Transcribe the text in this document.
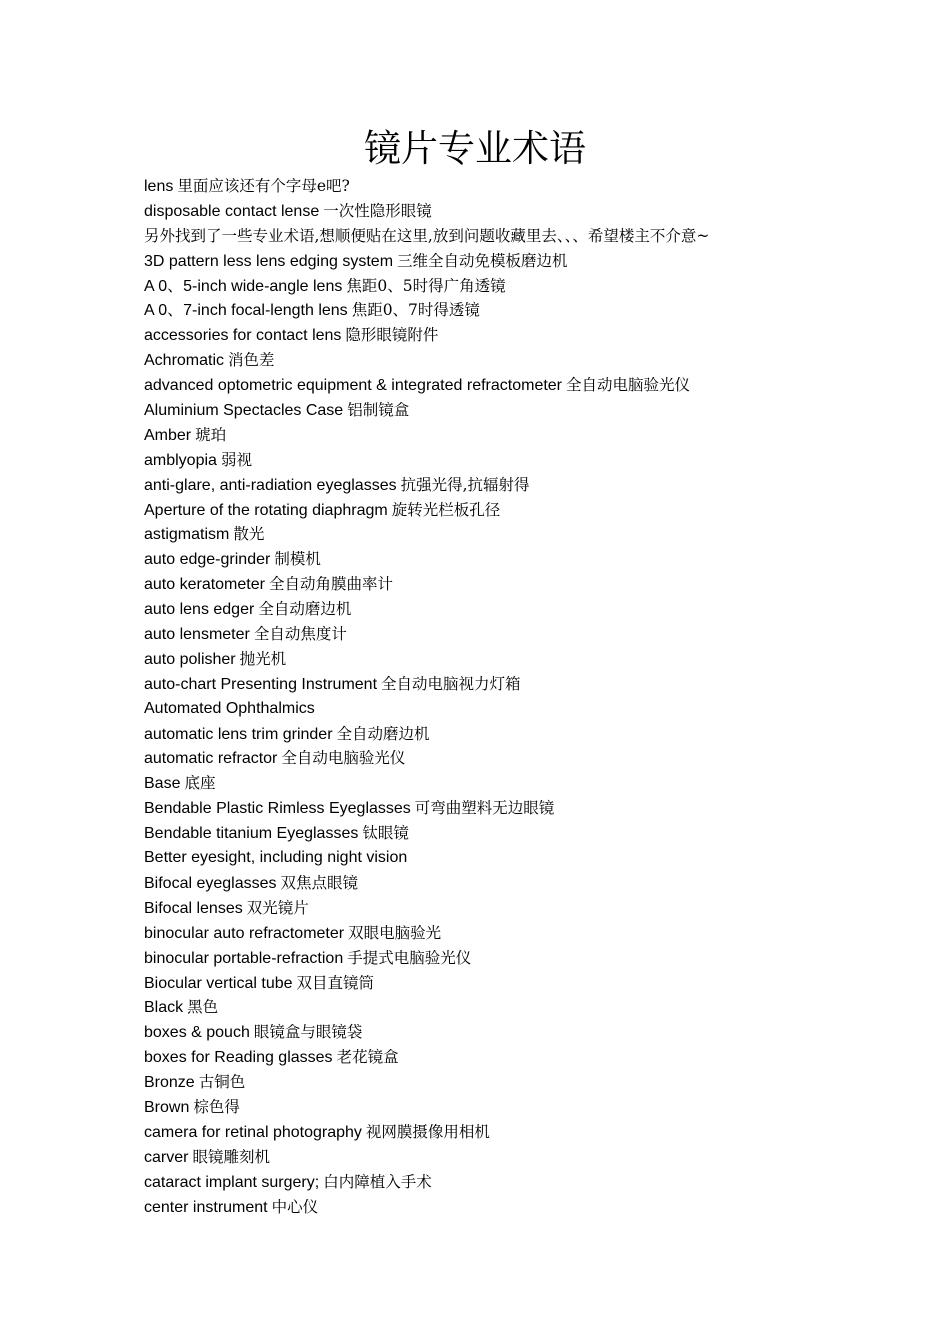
镜片专业术语
lens 里面应该还有个字母e吧?
disposable contact lense 一次性隐形眼镜
另外找到了一些专业术语,想顺便贴在这里,放到问题收藏里去、、、希望楼主不介意~
3D pattern less lens edging system 三维全自动免模板磨边机
A 0、5-inch wide-angle lens 焦距0、5时得广角透镜
A 0、7-inch focal-length lens 焦距0、7时得透镜
accessories for contact lens 隐形眼镜附件
Achromatic 消色差
advanced optometric equipment & integrated refractometer 全自动电脑验光仪
Aluminium Spectacles Case 铝制镜盒
Amber 琥珀
amblyopia 弱视
anti-glare, anti-radiation eyeglasses 抗强光得,抗辐射得
Aperture of the rotating diaphragm 旋转光栏板孔径
astigmatism 散光
auto edge-grinder 制模机
auto keratometer 全自动角膜曲率计
auto lens edger 全自动磨边机
auto lensmeter 全自动焦度计
auto polisher 抛光机
auto-chart Presenting Instrument 全自动电脑视力灯箱
Automated Ophthalmics
automatic lens trim grinder 全自动磨边机
automatic refractor 全自动电脑验光仪
Base 底座
Bendable Plastic Rimless Eyeglasses 可弯曲塑料无边眼镜
Bendable titanium Eyeglasses 钛眼镜
Better eyesight, including night vision
Bifocal eyeglasses 双焦点眼镜
Bifocal lenses 双光镜片
binocular auto refractometer 双眼电脑验光
binocular portable-refraction 手提式电脑验光仪
Biocular vertical tube 双目直镜筒
Black 黑色
boxes & pouch 眼镜盒与眼镜袋
boxes for Reading glasses 老花镜盒
Bronze 古铜色
Brown 棕色得
camera for retinal photography 视网膜摄像用相机
carver 眼镜雕刻机
cataract implant surgery; 白内障植入手术
center instrument 中心仪
